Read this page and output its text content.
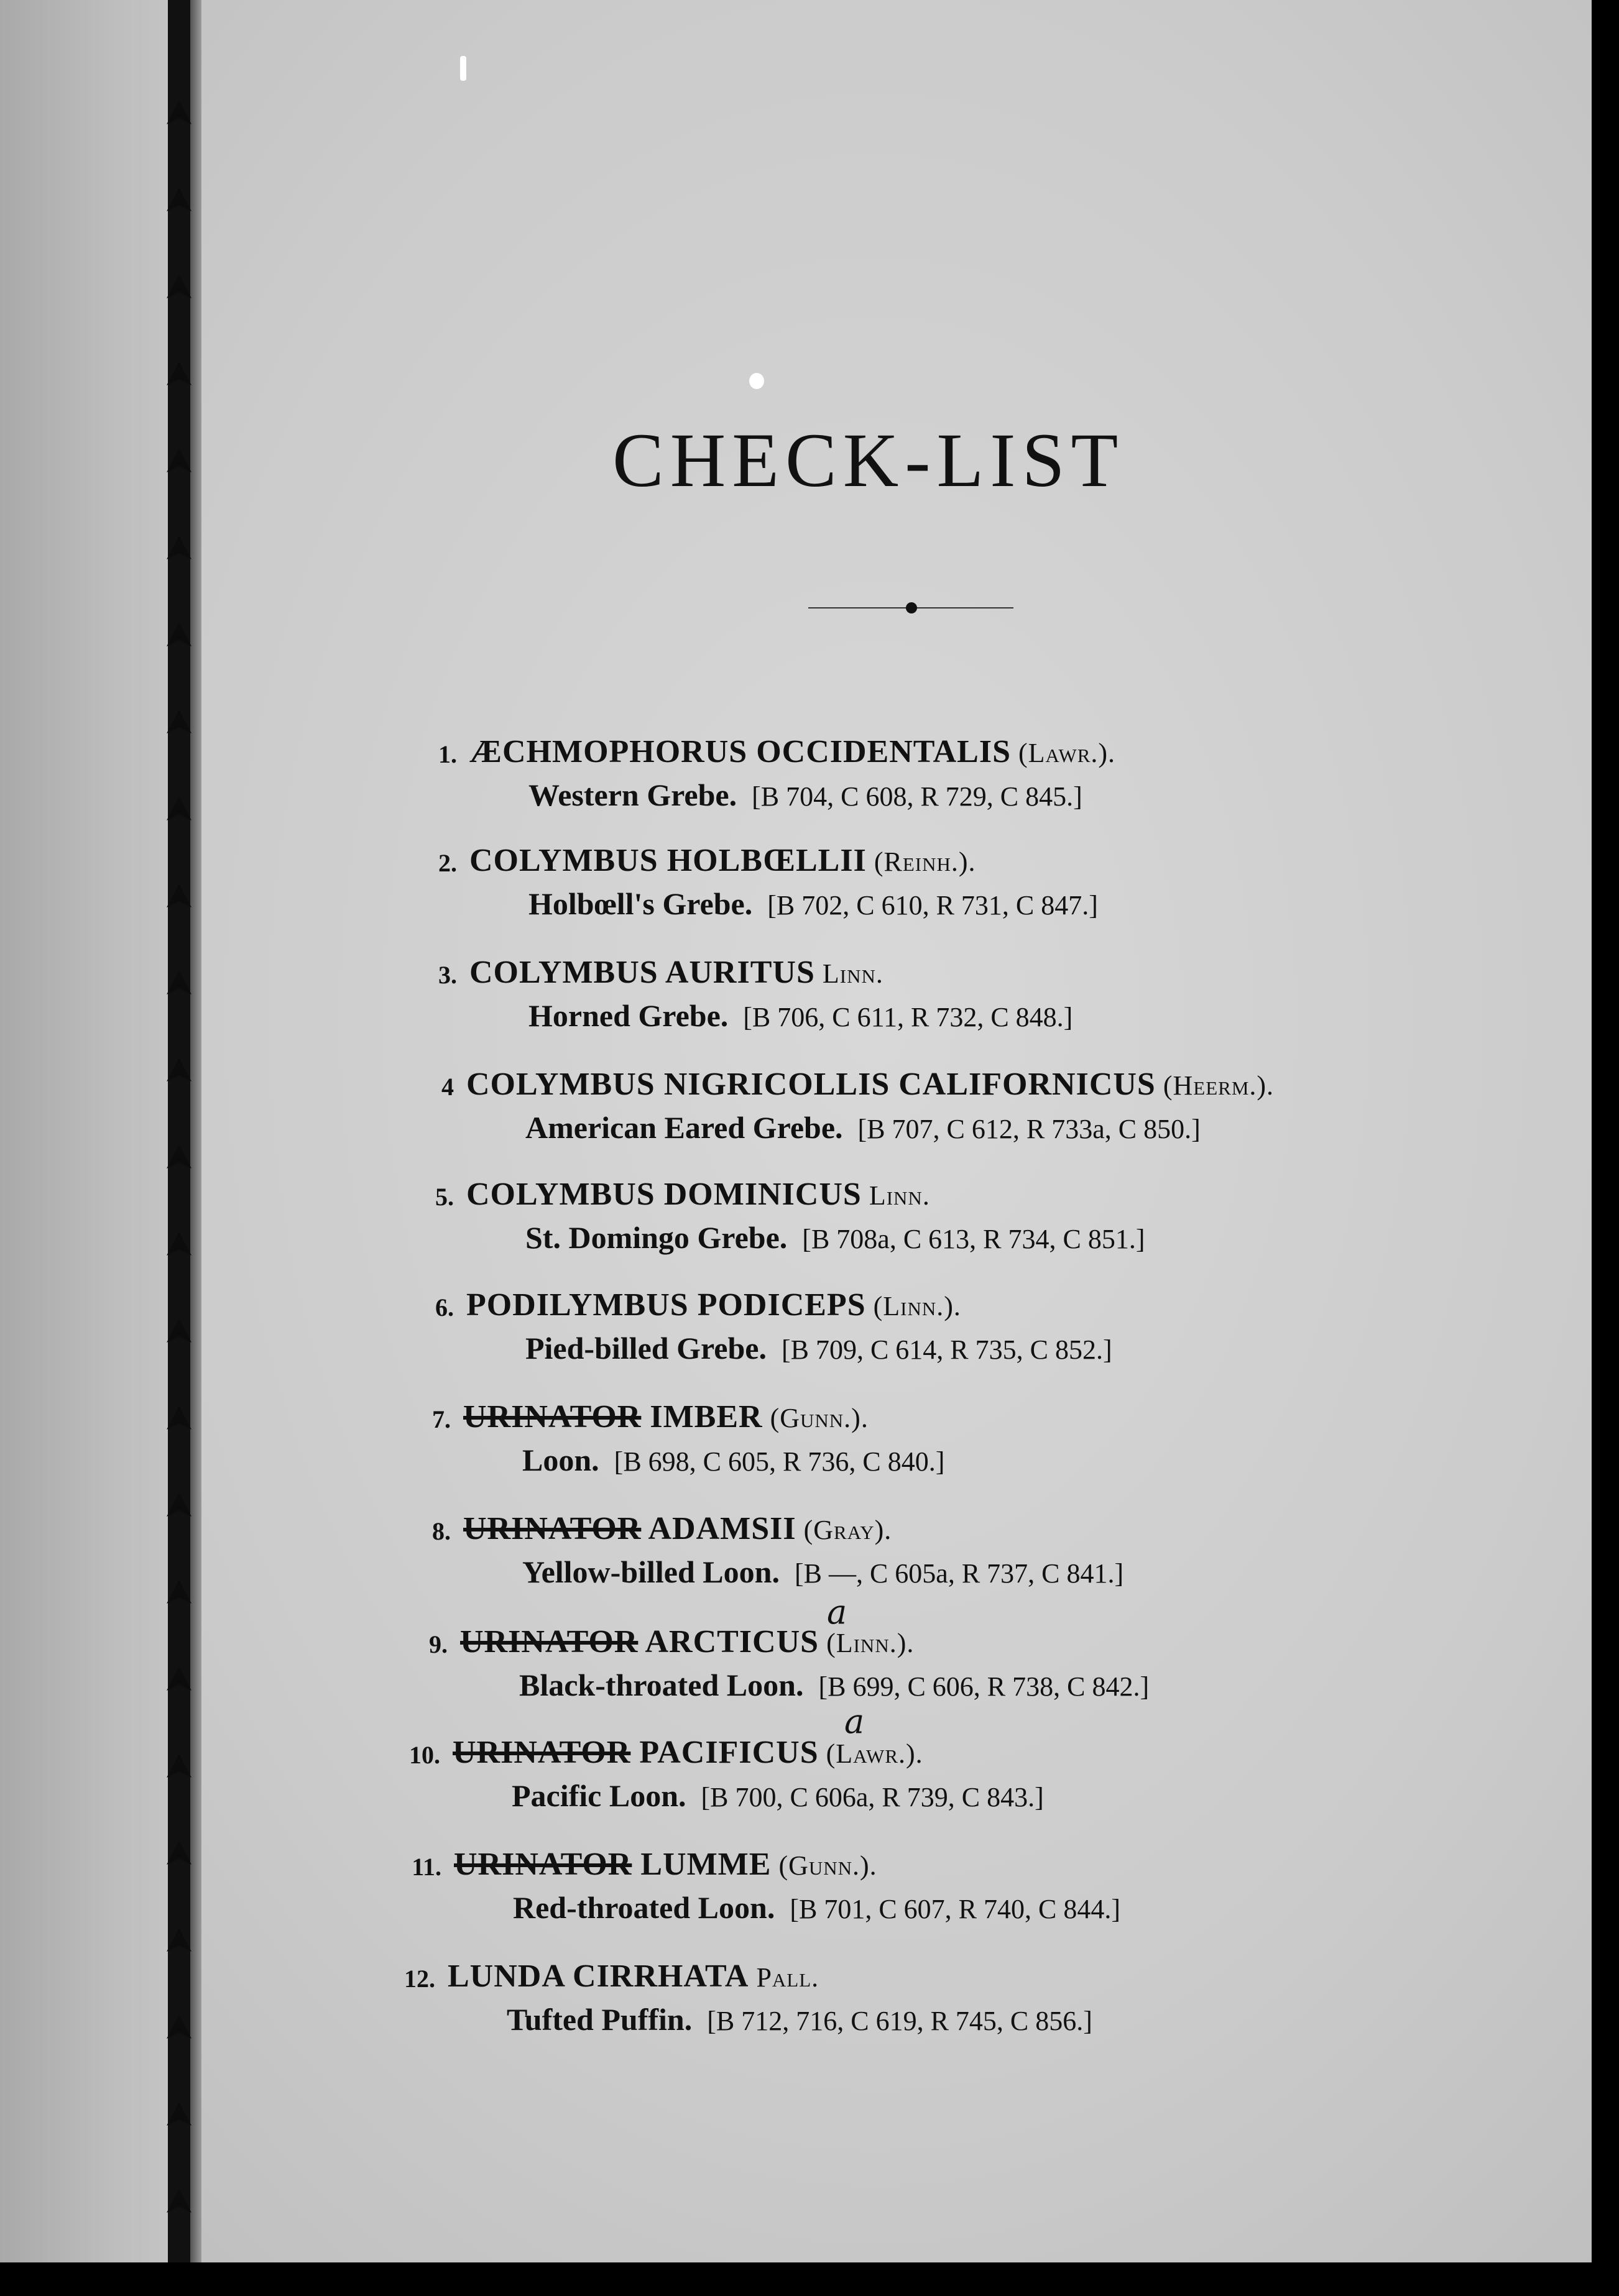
CHECK-LIST
1. ÆCHMOPHORUS OCCIDENTALIS (Lawr.).
Western Grebe. [B 704, C 608, R 729, C 845.]
2. COLYMBUS HOLBŒLLII (Reinh.).
Holbœll's Grebe. [B 702, C 610, R 731, C 847.]
3. COLYMBUS AURITUS Linn.
Horned Grebe. [B 706, C 611, R 732, C 848.]
4 COLYMBUS NIGRICOLLIS CALIFORNICUS (Heerm.).
American Eared Grebe. [B 707, C 612, R 733a, C 850.]
5. COLYMBUS DOMINICUS Linn.
St. Domingo Grebe. [B 708a, C 613, R 734, C 851.]
6. PODILYMBUS PODICEPS (Linn.).
Pied-billed Grebe. [B 709, C 614, R 735, C 852.]
7. URINATOR IMBER (Gunn.).
Loon. [B 698, C 605, R 736, C 840.]
8. URINATOR ADAMSII (Gray).
Yellow-billed Loon. [B —, C 605a, R 737, C 841.]
9. URINATOR ARCTICUS (Linn.).
Black-throated Loon. [B 699, C 606, R 738, C 842.]
10. URINATOR PACIFICUS (Lawr.).
Pacific Loon. [B 700, C 606a, R 739, C 843.]
11. URINATOR LUMME (Gunn.).
Red-throated Loon. [B 701, C 607, R 740, C 844.]
12. LUNDA CIRRHATA Pall.
Tufted Puffin. [B 712, 716, C 619, R 745, C 856.]
a
a
